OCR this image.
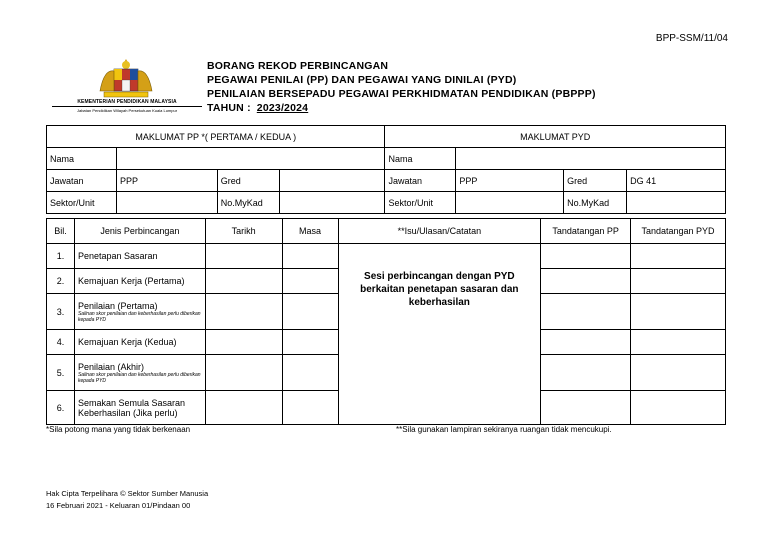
BPP-SSM/11/04
KEMENTERIAN PENDIDIKAN MALAYSIA
Jabatan Pendidikan Wilayah Persekutuan Kuala Lumpur
BORANG REKOD PERBINCANGAN
PEGAWAI PENILAI (PP) DAN PEGAWAI YANG DINILAI (PYD)
PENILAIAN BERSEPADU PEGAWAI PERKHIDMATAN PENDIDIKAN (PBPPP)
TAHUN : 2023/2024
MAKLUMAT PP *( PERTAMA / KEDUA )				MAKLUMAT PYD			
Nama				Nama			
Jawatan	PPP	Gred		Jawatan	PPP	Gred	DG 41
Sektor/Unit		No.MyKad		Sektor/Unit		No.MyKad	
Bil.	Jenis Perbincangan	Tarikh	Masa	**Isu/Ulasan/Catatan	Tandatangan PP	Tandatangan PYD
1.	Penetapan Sasaran			Sesi perbincangan dengan PYD berkaitan penetapan sasaran dan keberhasilan		
2.	Kemajuan Kerja (Pertama)					
3.	Penilaian (Pertama)
Salinan skor penilaian dan keberhasilan perlu diberikan kepada PYD					

4.	Kemajuan Kerja (Kedua)					
5.	Penilaian (Akhir)
Salinan skor penilaian dan keberhasilan perlu diberikan kepada PYD					

6.	Semakan Semula Sasaran Keberhasilan (Jika perlu)					
*Sila potong mana yang tidak berkenaan	**Sila gunakan lampiran sekiranya ruangan tidak mencukupi.
Hak Cipta Terpelihara © Sektor Sumber Manusia
16 Februari 2021 - Keluaran 01/Pindaan 00
